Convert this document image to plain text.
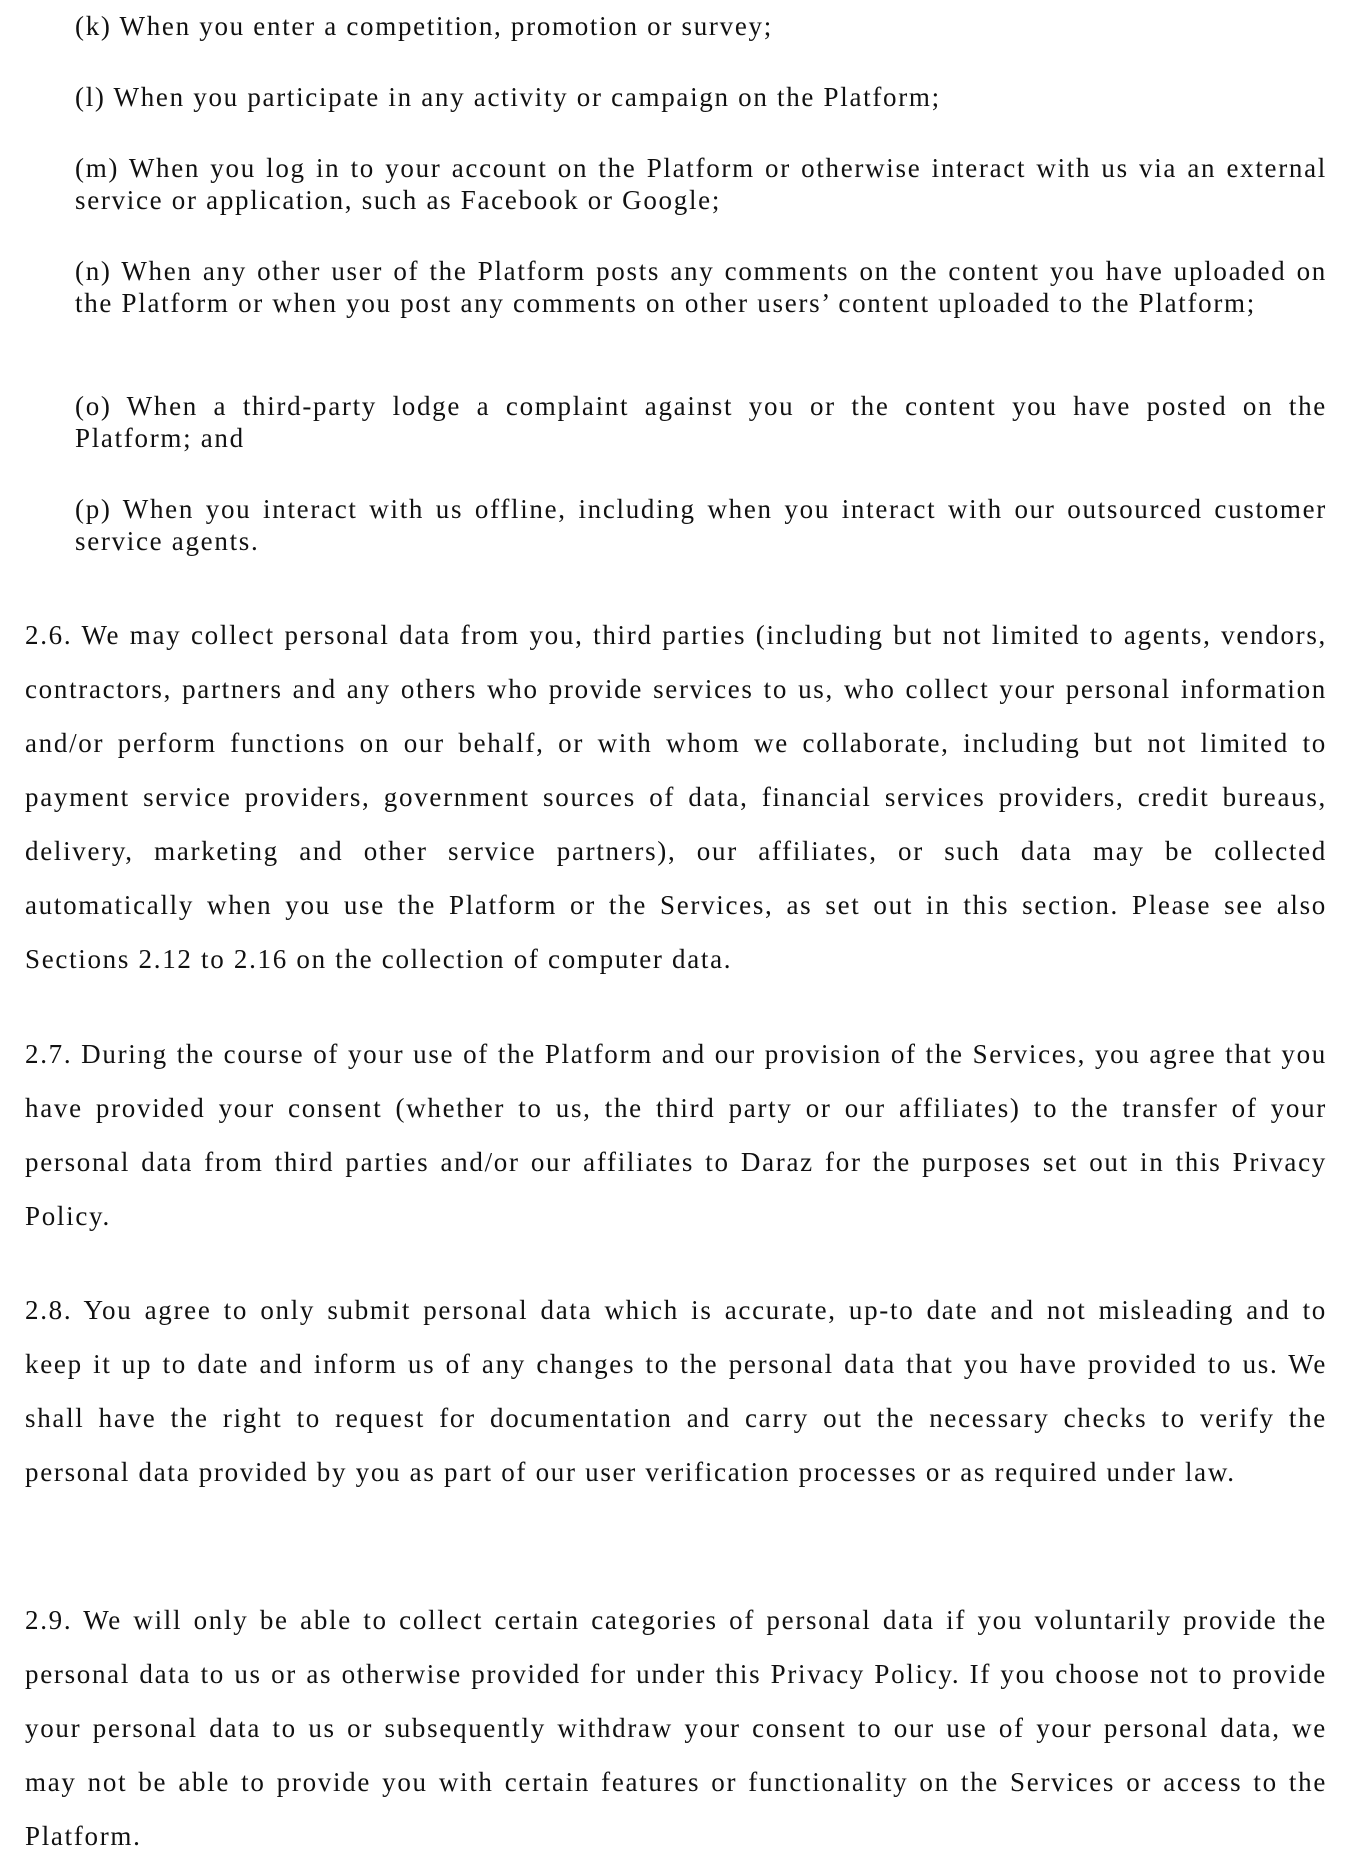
(k) When you enter a competition, promotion or survey;

(l) When you participate in any activity or campaign on the Platform;

(m) When you log in to your account on the Platform or otherwise interact with us via an external service or application, such as Facebook or Google;

(n) When any other user of the Platform posts any comments on the content you have uploaded on the Platform or when you post any comments on other users’ content uploaded to the Platform;

(o) When a third-party lodge a complaint against you or the content you have posted on the Platform; and

(p) When you interact with us offline, including when you interact with our outsourced customer service agents.

2.6. We may collect personal data from you, third parties (including but not limited to agents, vendors, contractors, partners and any others who provide services to us, who collect your personal information and/or perform functions on our behalf, or with whom we collaborate, including but not limited to payment service providers, government sources of data, financial services providers, credit bureaus, delivery, marketing and other service partners), our affiliates, or such data may be collected automatically when you use the Platform or the Services, as set out in this section. Please see also Sections 2.12 to 2.16 on the collection of computer data.

2.7. During the course of your use of the Platform and our provision of the Services, you agree that you have provided your consent (whether to us, the third party or our affiliates) to the transfer of your personal data from third parties and/or our affiliates to Daraz for the purposes set out in this Privacy Policy.

2.8. You agree to only submit personal data which is accurate, up-to date and not misleading and to keep it up to date and inform us of any changes to the personal data that you have provided to us. We shall have the right to request for documentation and carry out the necessary checks to verify the personal data provided by you as part of our user verification processes or as required under law.

2.9. We will only be able to collect certain categories of personal data if you voluntarily provide the personal data to us or as otherwise provided for under this Privacy Policy. If you choose not to provide your personal data to us or subsequently withdraw your consent to our use of your personal data, we may not be able to provide you with certain features or functionality on the Services or access to the Platform.
